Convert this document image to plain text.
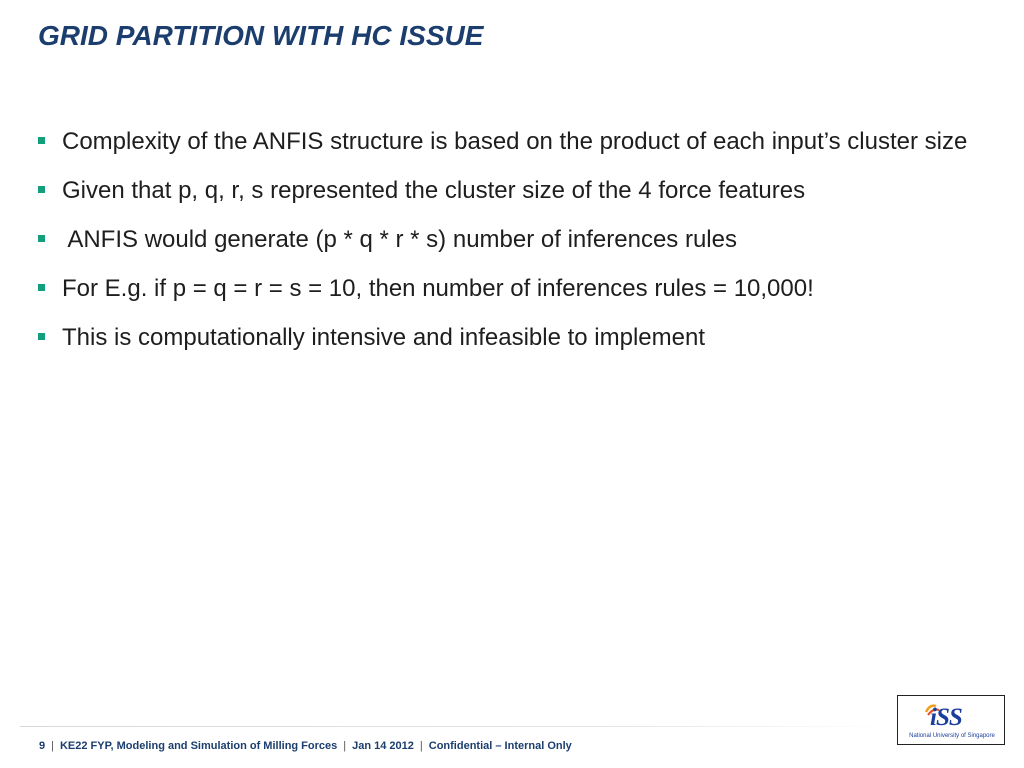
GRID PARTITION WITH HC ISSUE
Complexity of the ANFIS structure is based on the product of each input’s cluster size
Given that p, q, r, s represented the cluster size of the 4 force features
ANFIS would generate (p * q * r * s) number of inferences rules
For E.g. if p = q = r = s = 10, then number of inferences rules = 10,000!
This is computationally intensive and infeasible to implement
9 | KE22 FYP, Modeling and Simulation of Milling Forces | Jan 14 2012 | Confidential – Internal Only
iSS
National University of Singapore
